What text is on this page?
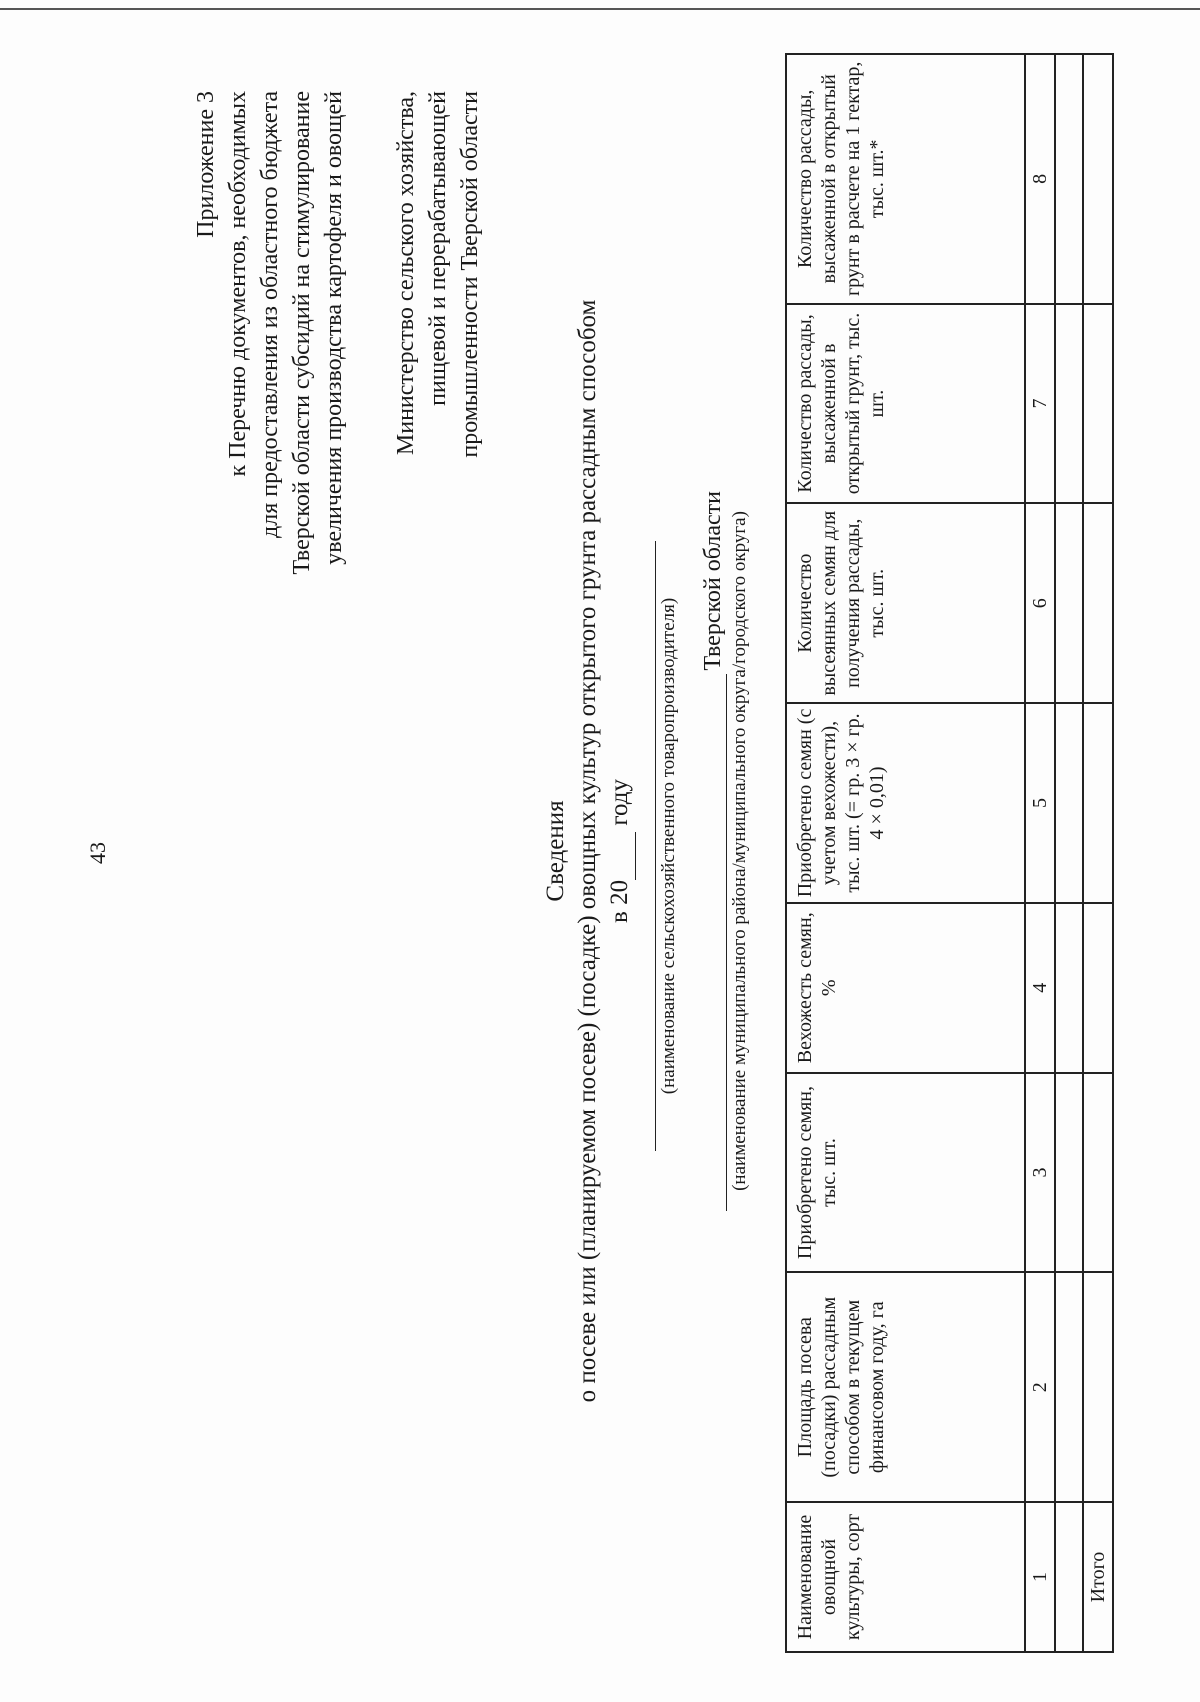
43
Приложение 3 к Перечню документов, необходимых для предоставления из областного бюджета Тверской области субсидий на стимулирование увеличения производства картофеля и овощей Министерство сельского хозяйства, пищевой и перерабатывающей промышленности Тверской области
Сведения о посеве или (планируемом посеве) (посадке) овощных культур открытого грунта рассадным способом в 20 году (наименование сельскохозяйственного товаропроизводителя)
Тверской области (наименование муниципального района/муниципального округа/городского округа)
Наименование овощной культуры, сорт	Площадь посева (посадки) рассадным способом в текущем финансовом году, га	Приобретено семян, тыс. шт.	Вехожесть семян, %	Приобретено семян (с учетом вехожести), тыс. шт. (= гр. 3 × гр. 4 × 0,01)	Количество высеянных семян для получения рассады, тыс. шт.	Количество рассады, высаженной в открытый грунт, тыс. шт.	Количество рассады, высаженной в открытый грунт в расчете на 1 гектар, тыс. шт.*
1	2	3	4	5	6	7	8

Итого							
